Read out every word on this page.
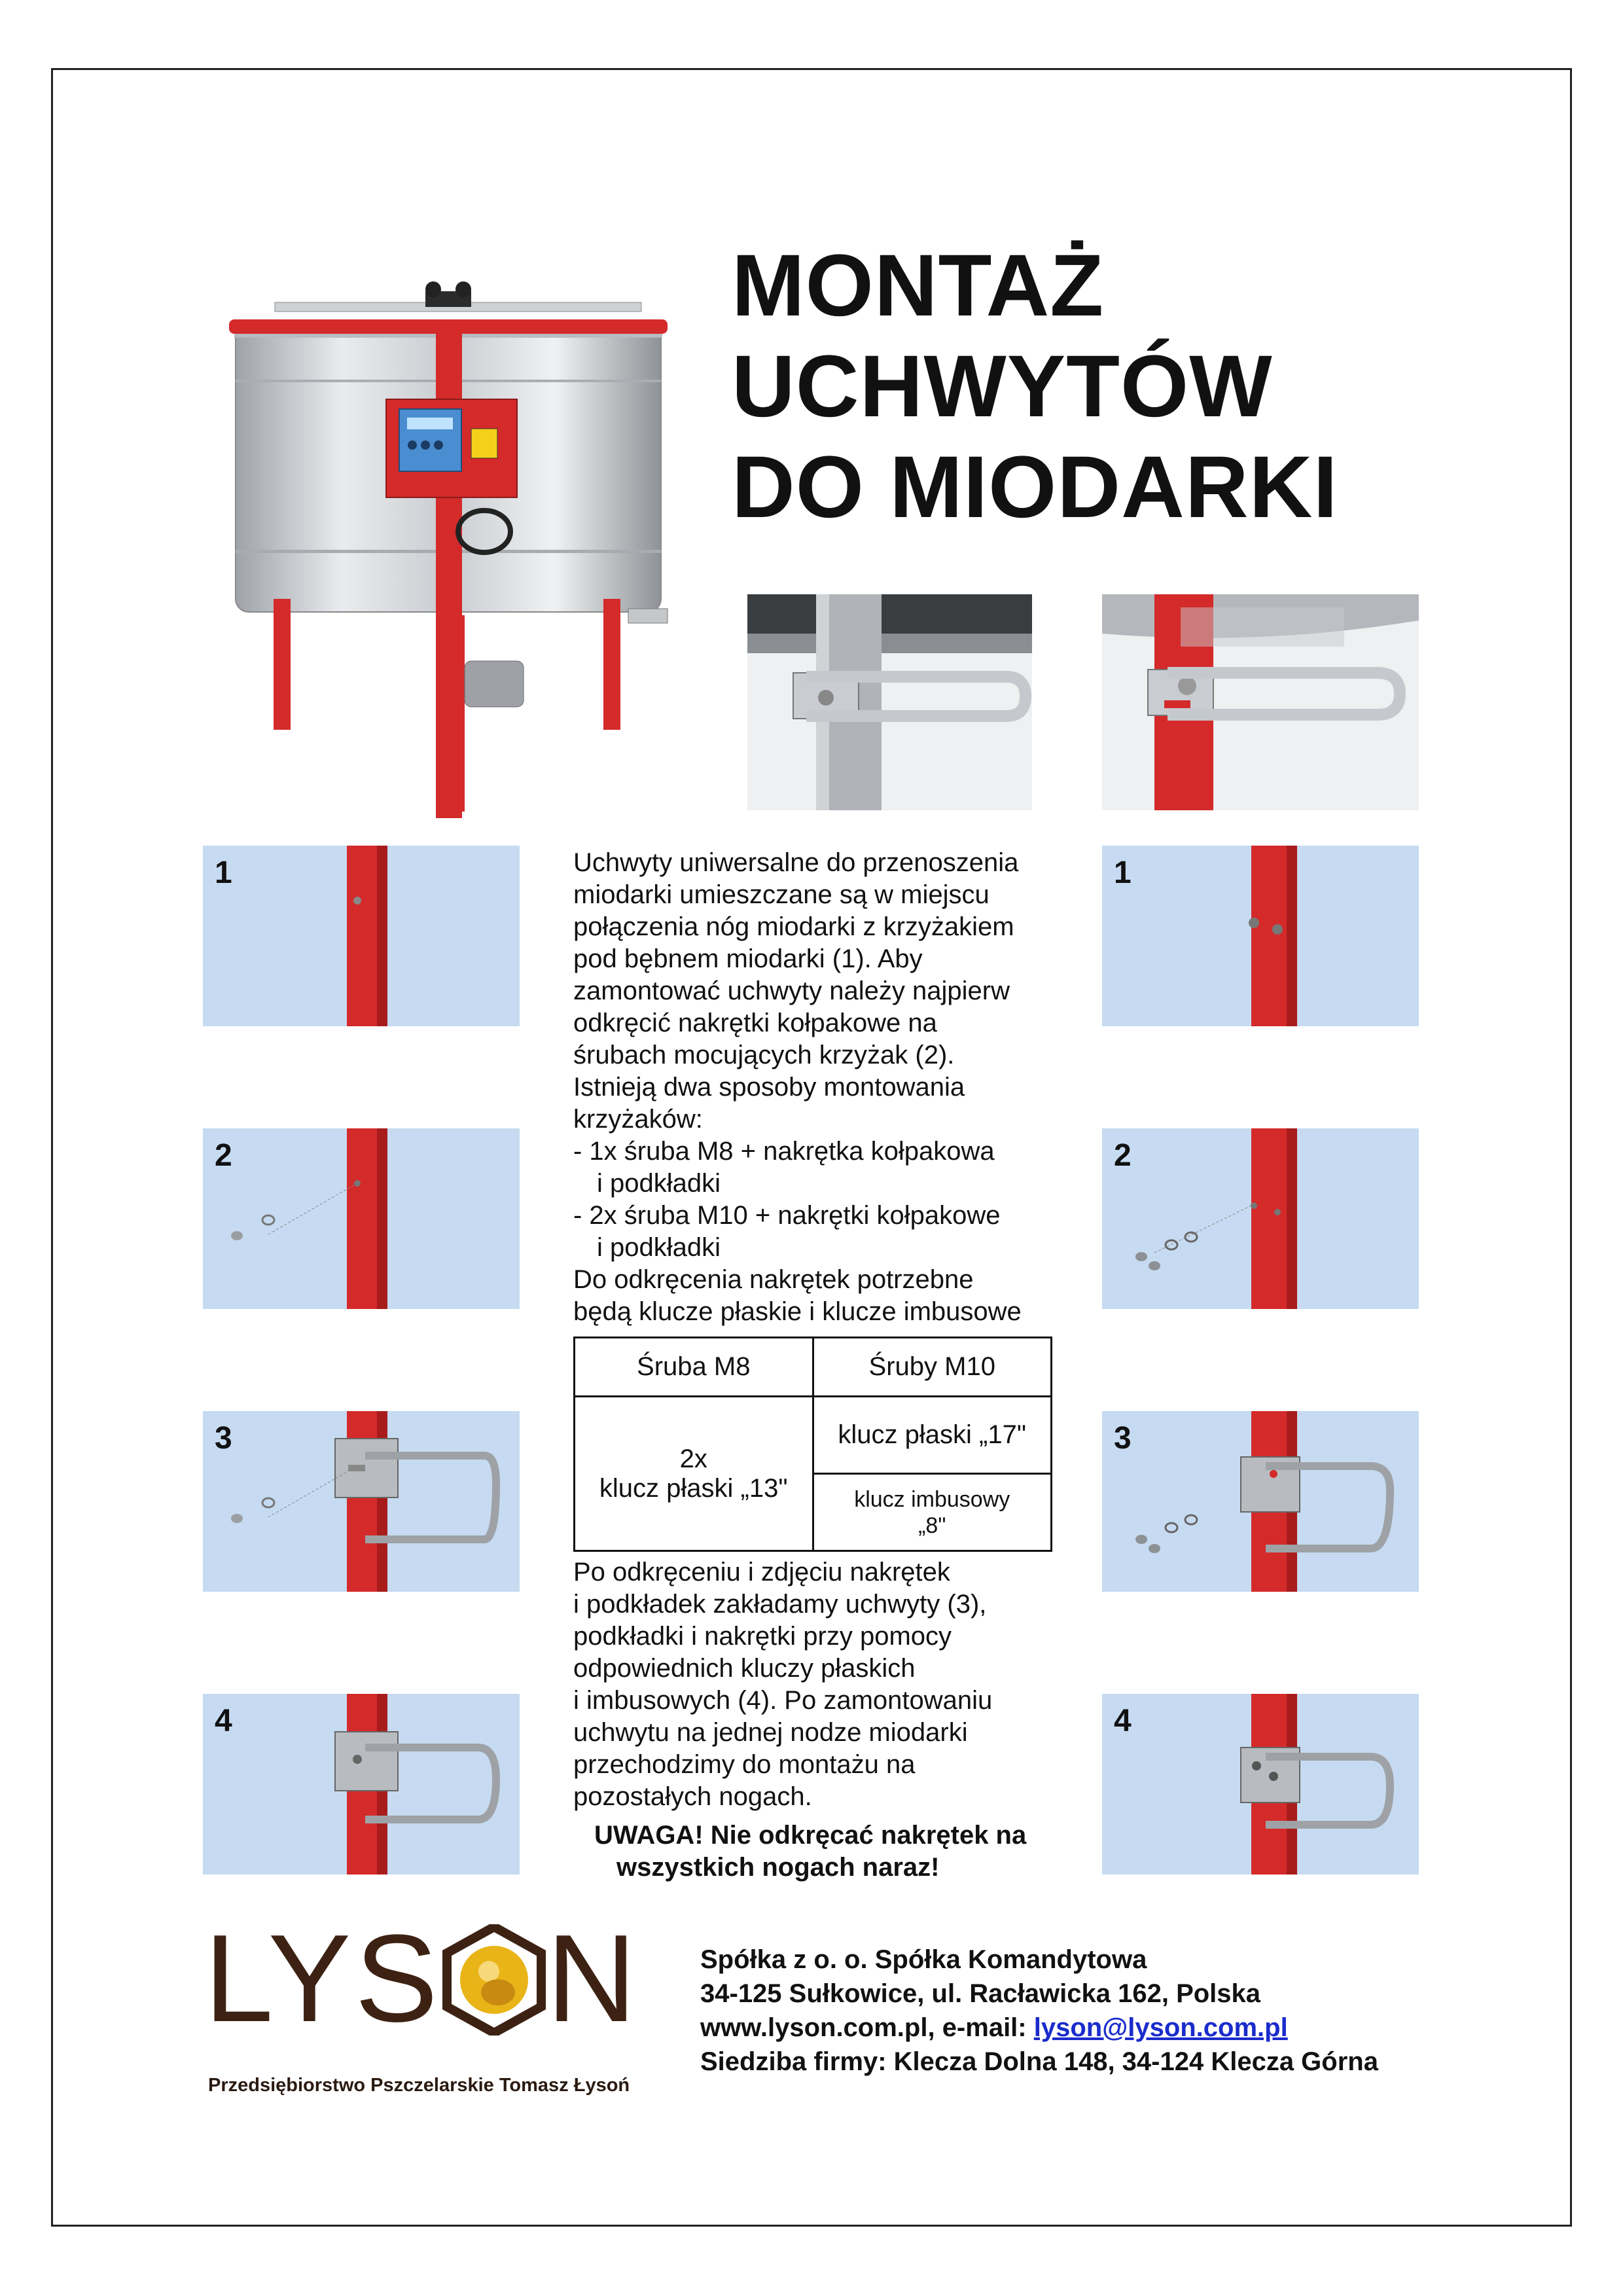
MONTAŻ
UCHWYTÓW
DO MIODARKI
1
2
3
4
1
2
3
4

Uchwyty uniwersalne do przenoszenia

miodarki umieszczane są w miejscu

połączenia nóg miodarki z krzyżakiem

pod bębnem miodarki (1). Aby

zamontować uchwyty należy najpierw

odkręcić nakrętki kołpakowe na

śrubach mocujących krzyżak (2).

Istnieją dwa sposoby montowania

krzyżaków:

- 1x śruba M8 + nakrętka kołpakowa

i podkładki

- 2x śruba M10 + nakrętki kołpakowe

i podkładki

Do odkręcenia nakrętek potrzebne

będą klucze płaskie i klucze imbusowe

Śruba M8	Śruby M10

2x
klucz płaski „13"	klucz płaski „17"

	klucz imbusowy
„8"
Po odkręceniu i zdjęciu nakrętek
i podkładek zakładamy uchwyty (3),
podkładki i nakrętki przy pomocy
odpowiednich kluczy płaskich
i imbusowych (4). Po zamontowaniu
uchwytu na jednej nodze miodarki
przechodzimy do montażu na
pozostałych nogach.
UWAGA! Nie odkręcać nakrętek na
wszystkich nogach naraz!
LYS N
Przedsiębiorstwo Pszczelarskie Tomasz Łysoń
Spółka z o. o. Spółka Komandytowa
34-125 Sułkowice, ul. Racławicka 162, Polska
www.lyson.com.pl, e-mail: lyson@lyson.com.pl
Siedziba firmy: Klecza Dolna 148, 34-124 Klecza Górna
